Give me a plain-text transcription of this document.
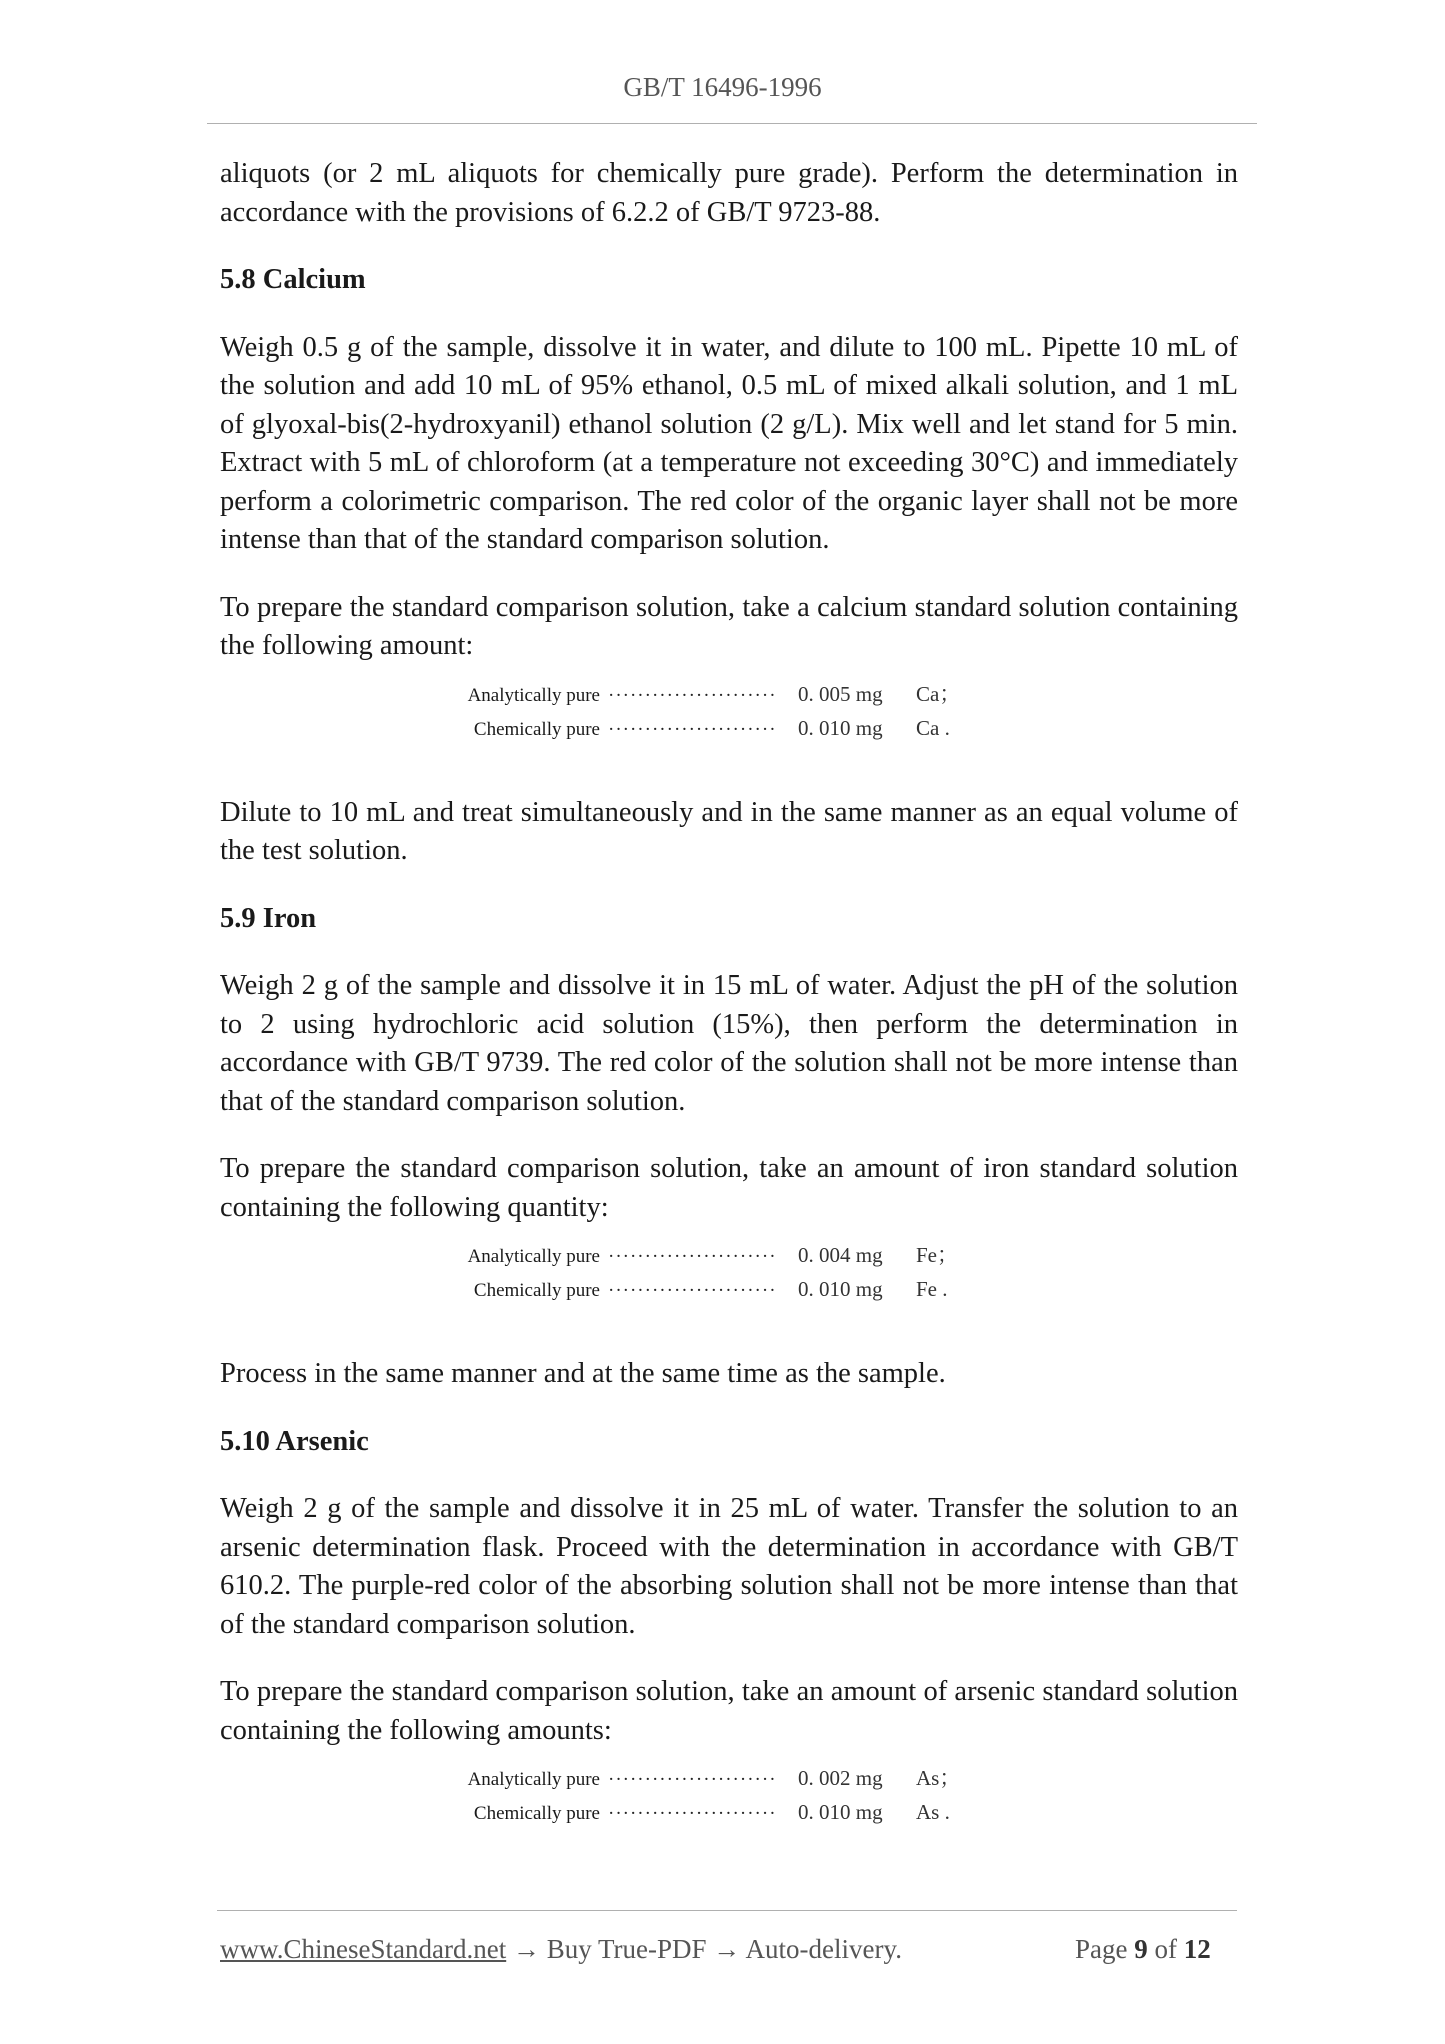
GB/T 16496-1996

aliquots (or 2 mL aliquots for chemically pure grade). Perform the determination in accordance with the provisions of 6.2.2 of GB/T 9723-88.

5.8 Calcium

Weigh 0.5 g of the sample, dissolve it in water, and dilute to 100 mL. Pipette 10 mL of the solution and add 10 mL of 95% ethanol, 0.5 mL of mixed alkali solution, and 1 mL of glyoxal-bis(2-hydroxyanil) ethanol solution (2 g/L). Mix well and let stand for 5 min. Extract with 5 mL of chloroform (at a temperature not exceeding 30°C) and immediately perform a colorimetric comparison. The red color of the organic layer shall not be more intense than that of the standard comparison solution.

To prepare the standard comparison solution, take a calcium standard solution containing the following amount:

Analytically pure ·······················	0. 005 mg	Ca；
Chemically pure ·······················	0. 010 mg	Ca .

Dilute to 10 mL and treat simultaneously and in the same manner as an equal volume of the test solution.

5.9 Iron

Weigh 2 g of the sample and dissolve it in 15 mL of water. Adjust the pH of the solution to 2 using hydrochloric acid solution (15%), then perform the determination in accordance with GB/T 9739. The red color of the solution shall not be more intense than that of the standard comparison solution.

To prepare the standard comparison solution, take an amount of iron standard solution containing the following quantity:

Analytically pure ·······················	0. 004 mg	Fe；
Chemically pure ·······················	0. 010 mg	Fe .

Process in the same manner and at the same time as the sample.

5.10 Arsenic

Weigh 2 g of the sample and dissolve it in 25 mL of water. Transfer the solution to an arsenic determination flask. Proceed with the determination in accordance with GB/T 610.2. The purple-red color of the absorbing solution shall not be more intense than that of the standard comparison solution.

To prepare the standard comparison solution, take an amount of arsenic standard solution containing the following amounts:

Analytically pure ·······················	0. 002 mg	As；
Chemically pure ·······················	0. 010 mg	As .
www.ChineseStandard.net → Buy True-PDF → Auto-delivery.	Page 9 of 12
